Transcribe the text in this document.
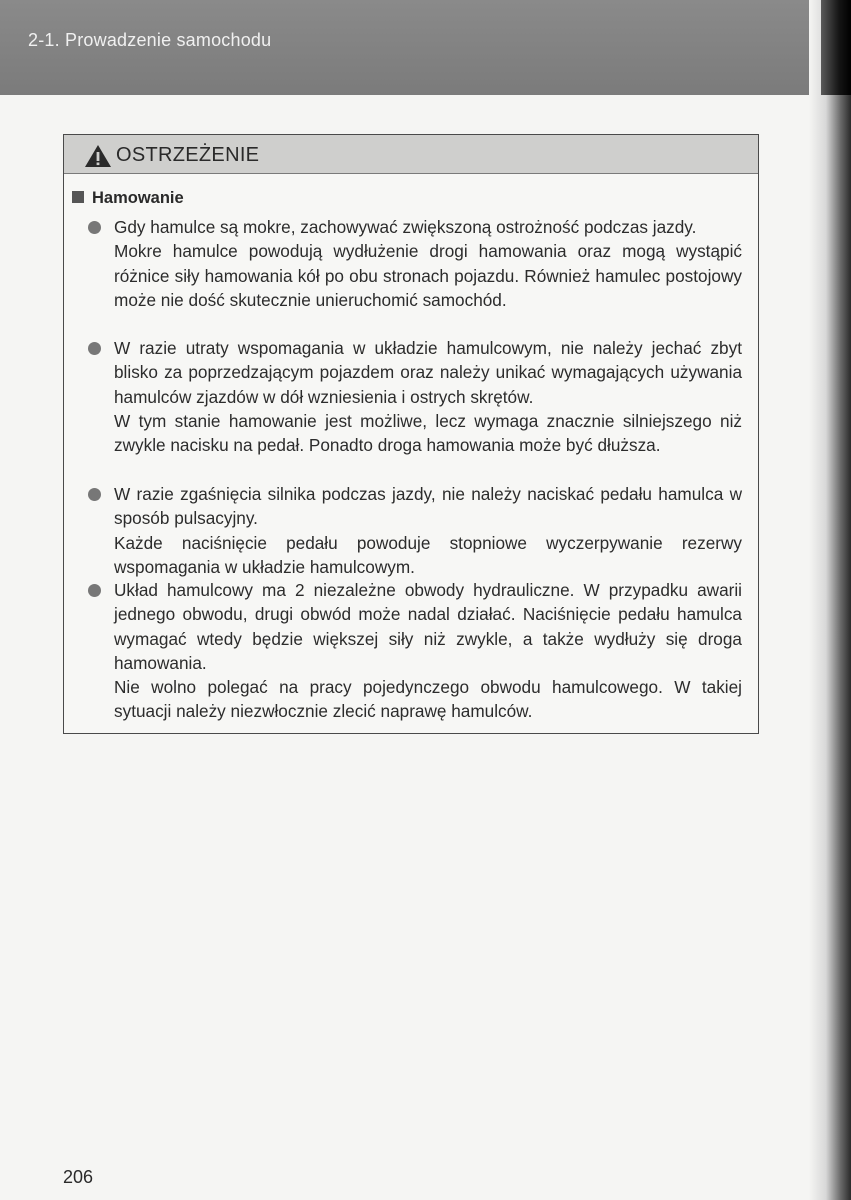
2-1. Prowadzenie samochodu
OSTRZEŻENIE
Hamowanie

Gdy hamulce są mokre, zachowywać zwiększoną ostrożność podczas jazdy.

Mokre hamulce powodują wydłużenie drogi hamowania oraz mogą wystąpić różnice siły hamowania kół po obu stronach pojazdu. Również hamulec postojowy może nie dość skutecznie unieruchomić samochód.

W razie utraty wspomagania w układzie hamulcowym, nie należy jechać zbyt blisko za poprzedzającym pojazdem oraz należy unikać wymagających używania hamulców zjazdów w dół wzniesienia i ostrych skrętów.

W tym stanie hamowanie jest możliwe, lecz wymaga znacznie silniejszego niż zwykle nacisku na pedał. Ponadto droga hamowania może być dłuższa.

W razie zgaśnięcia silnika podczas jazdy, nie należy naciskać pedału hamulca w sposób pulsacyjny.

Każde naciśnięcie pedału powoduje stopniowe wyczerpywanie rezerwy wspomagania w układzie hamulcowym.

Układ hamulcowy ma 2 niezależne obwody hydrauliczne. W przypadku awarii jednego obwodu, drugi obwód może nadal działać. Naciśnięcie pedału hamulca wymagać wtedy będzie większej siły niż zwykle, a także wydłuży się droga hamowania.

Nie wolno polegać na pracy pojedynczego obwodu hamulcowego. W takiej sytuacji należy niezwłocznie zlecić naprawę hamulców.

206
